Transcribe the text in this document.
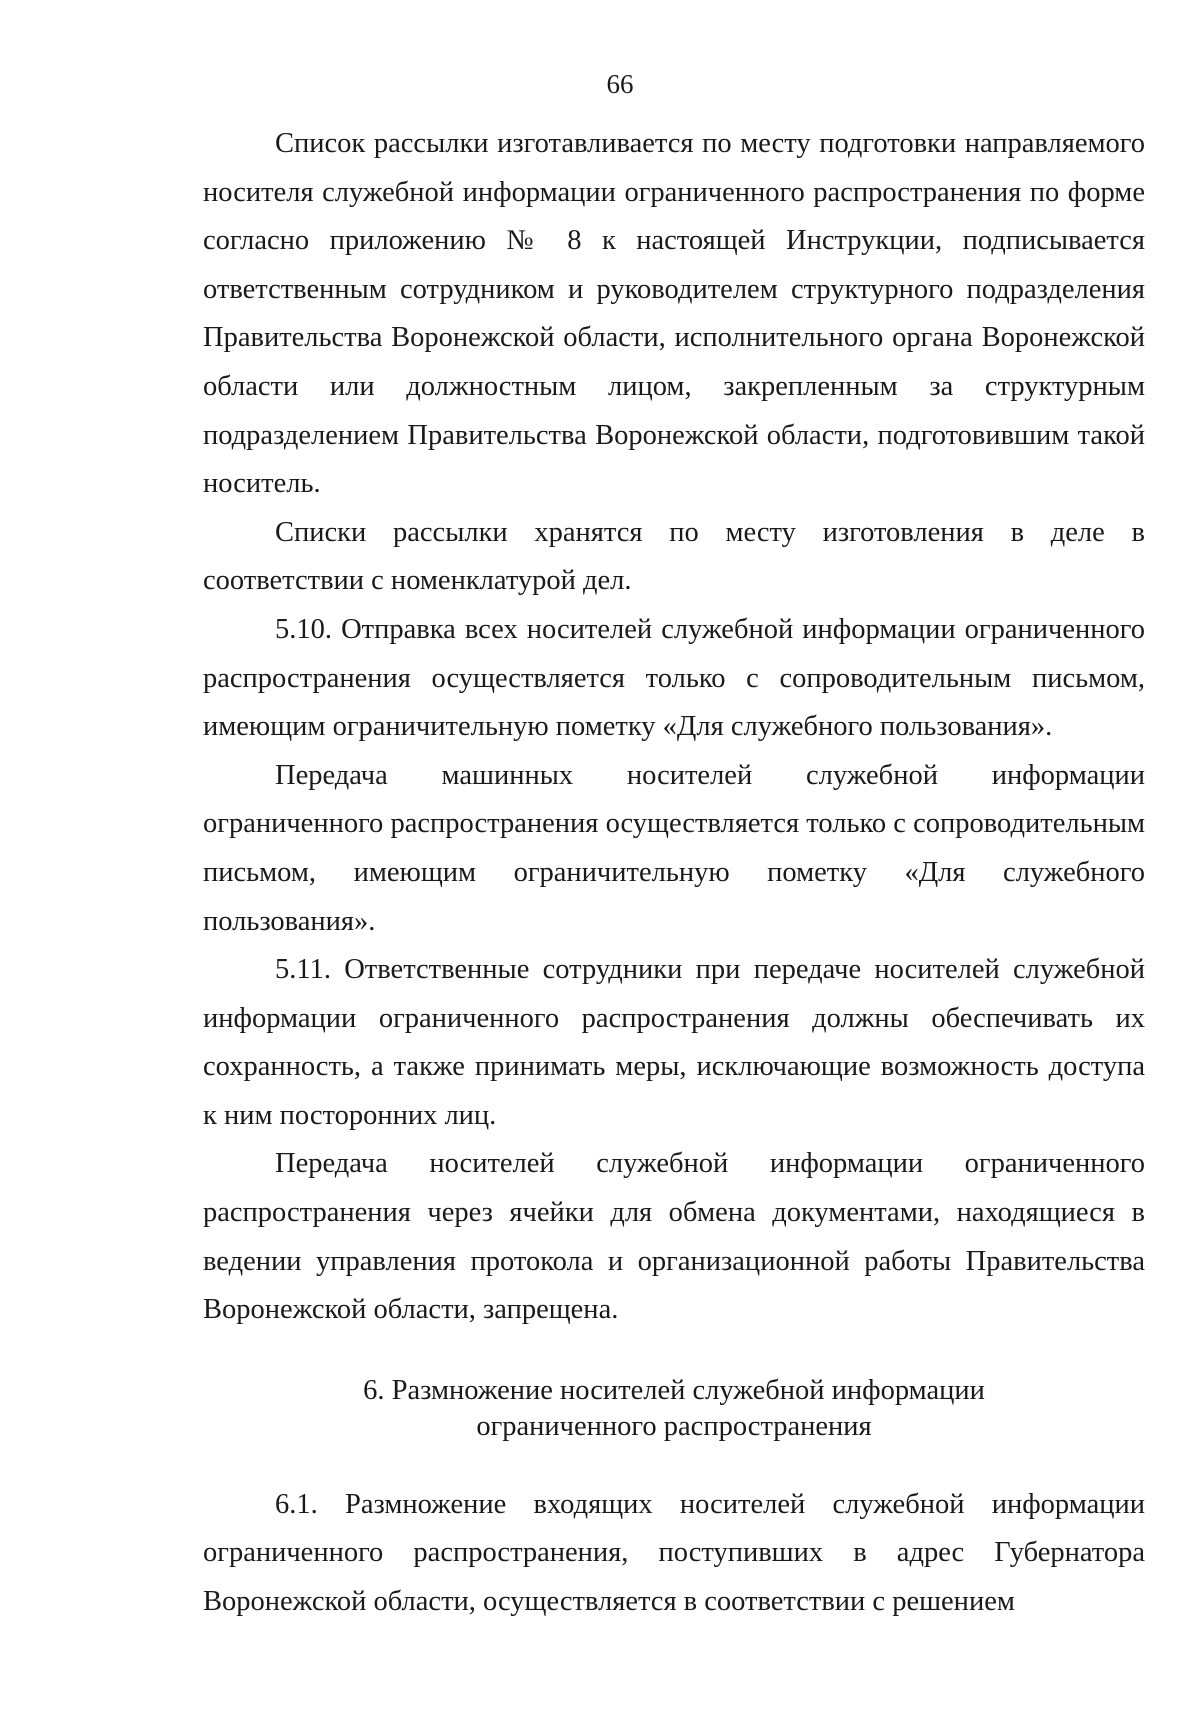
66

Список рассылки изготавливается по месту подготовки направляемого носителя служебной информации ограниченного распространения по форме согласно приложению № 8 к настоящей Инструкции, подписывается ответственным сотрудником и руководителем структурного подразделения Правительства Воронежской области, исполнительного органа Воронежской области или должностным лицом, закрепленным за структурным подразделением Правительства Воронежской области, подготовившим такой носитель.

Списки рассылки хранятся по месту изготовления в деле в соответствии с номенклатурой дел.

5.10. Отправка всех носителей служебной информации ограниченного распространения осуществляется только с сопроводительным письмом, имеющим ограничительную пометку «Для служебного пользования».

Передача машинных носителей служебной информации ограниченного распространения осуществляется только с сопроводительным письмом, имеющим ограничительную пометку «Для служебного пользования».

5.11. Ответственные сотрудники при передаче носителей служебной информации ограниченного распространения должны обеспечивать их сохранность, а также принимать меры, исключающие возможность доступа к ним посторонних лиц.

Передача носителей служебной информации ограниченного распространения через ячейки для обмена документами, находящиеся в ведении управления протокола и организационной работы Правительства Воронежской области, запрещена.

6. Размножение носителей служебной информации
ограниченного распространения

6.1. Размножение входящих носителей служебной информации ограниченного распространения, поступивших в адрес Губернатора Воронежской области, осуществляется в соответствии с решением
